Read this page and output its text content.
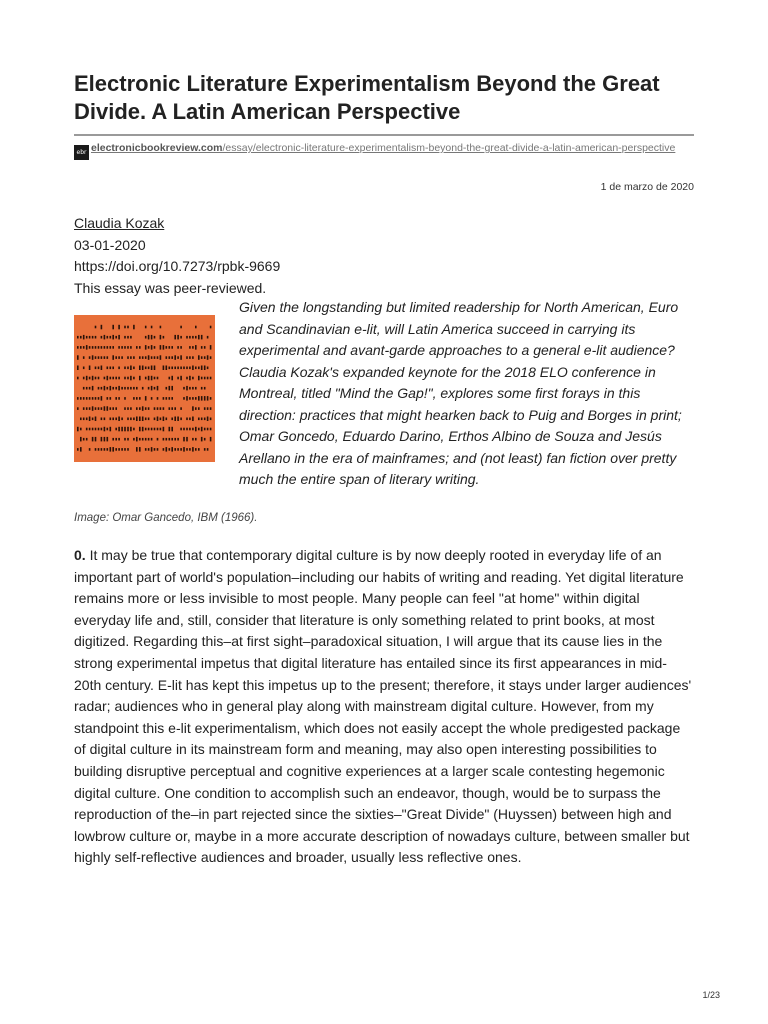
Electronic Literature Experimentalism Beyond the Great Divide. A Latin American Perspective
ebr electronicbookreview.com/essay/electronic-literature-experimentalism-beyond-the-great-divide-a-latin-american-perspective
1 de marzo de 2020
Claudia Kozak
03-01-2020
https://doi.org/10.7273/rpbk-9669
This essay was peer-reviewed.

Given the longstanding but limited readership for North American, Euro and Scandinavian e-lit, will Latin America succeed in carrying its experimental and avant-garde approaches to a general e-lit audience? Claudia Kozak's expanded keynote for the 2018 ELO conference in Montreal, titled "Mind the Gap!", explores some first forays in this direction: practices that might hearken back to Puig and Borges in print; Omar Goncedo, Eduardo Darino, Erthos Albino de Souza and Jesús Arellano in the era of mainframes; and (not least) fan fiction over pretty much the entire span of literary writing.

Image: Omar Gancedo, IBM (1966).

0. It may be true that contemporary digital culture is by now deeply rooted in everyday life of an important part of world's population–including our habits of writing and reading. Yet digital literature remains more or less invisible to most people. Many people can feel "at home" within digital everyday life and, still, consider that literature is only something related to print books, at most digitized. Regarding this–at first sight–paradoxical situation, I will argue that its cause lies in the strong experimental impetus that digital literature has entailed since its first appearances in mid- 20th century. E-lit has kept this impetus up to the present; therefore, it stays under larger audiences' radar; audiences who in general play along with mainstream digital culture. However, from my standpoint this e-lit experimentalism, which does not easily accept the whole predigested package of digital culture in its mainstream form and meaning, may also open interesting possibilities to building disruptive perceptual and cognitive experiences at a larger scale contesting hegemonic digital culture. One condition to accomplish such an endeavor, though, would be to surpass the reproduction of the–in part rejected since the sixties–"Great Divide" (Huyssen) between high and lowbrow culture or, maybe in a more accurate description of nowadays culture, between smaller but highly self-reflective audiences and broader, usually less reflective ones.

1/23
